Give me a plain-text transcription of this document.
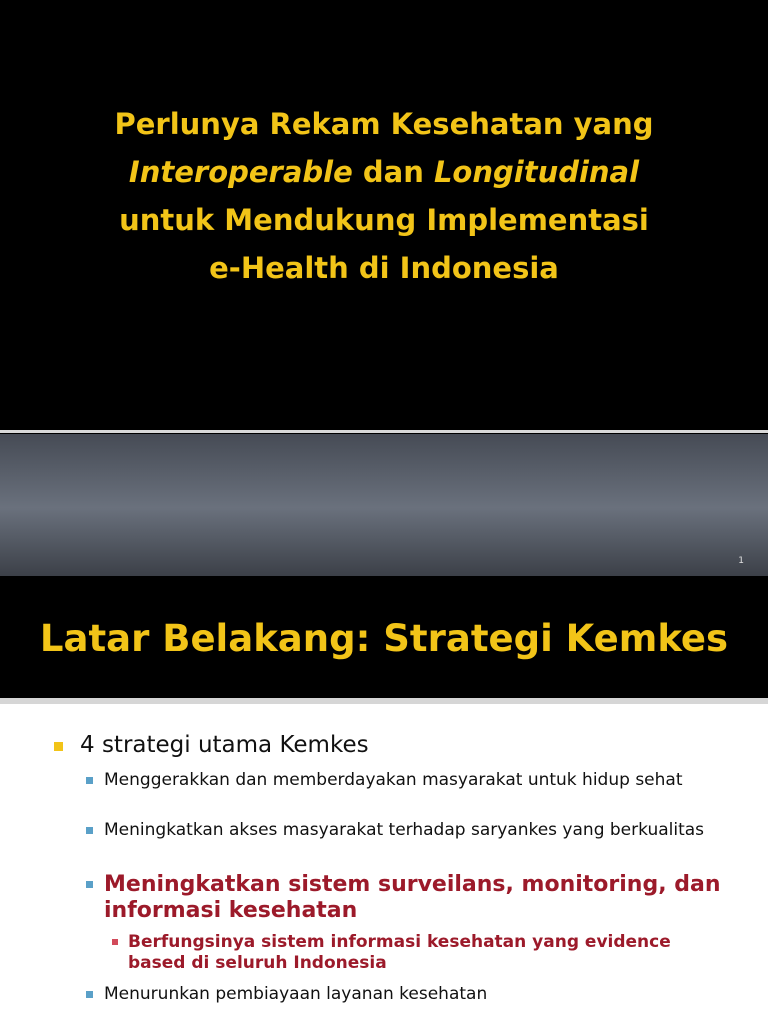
Perlunya Rekam Kesehatan yang
Interoperable dan Longitudinal
untuk Mendukung Implementasi
e-Health di Indonesia
1
Latar Belakang: Strategi Kemkes
4 strategi utama Kemkes
Menggerakkan dan memberdayakan masyarakat untuk hidup sehat
Meningkatkan akses masyarakat terhadap saryankes yang berkualitas
Meningkatkan sistem surveilans, monitoring, dan informasi kesehatan
Berfungsinya sistem informasi kesehatan yang evidence based di seluruh Indonesia
Menurunkan pembiayaan layanan kesehatan
